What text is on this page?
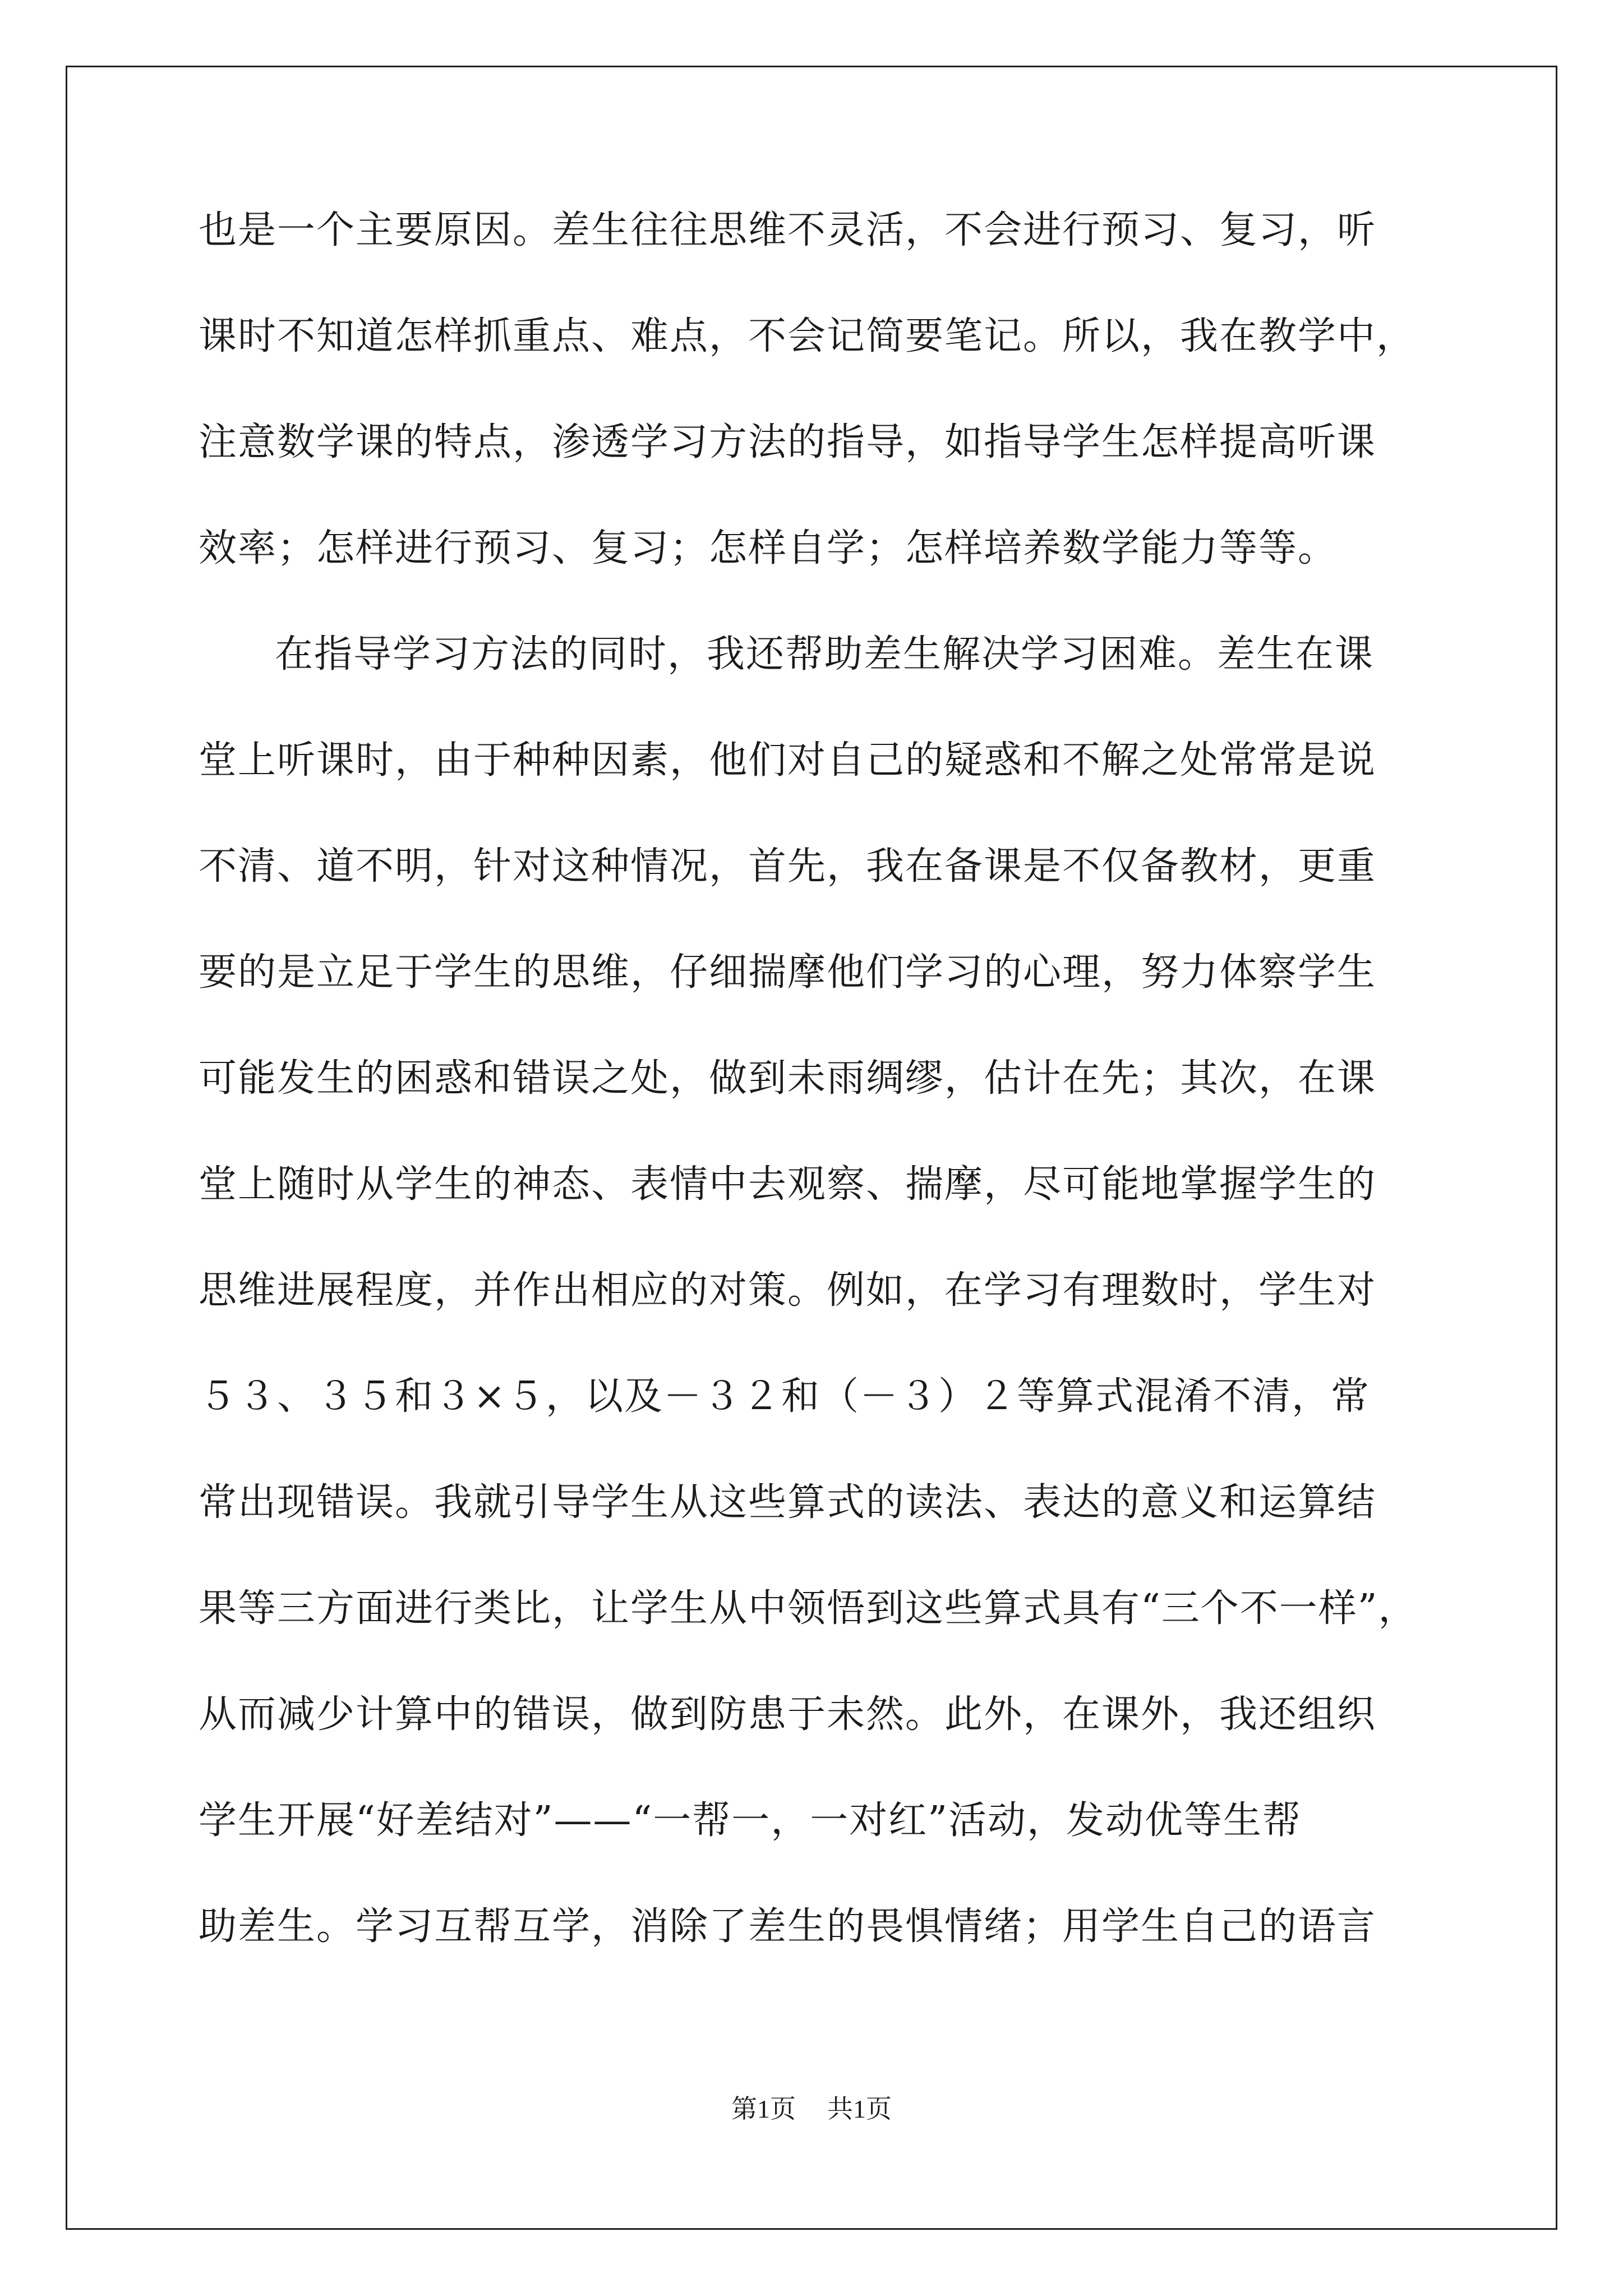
也是一个主要原因。差生往往思维不灵活，不会进行预习、复习，听
课时不知道怎样抓重点、难点，不会记简要笔记。所以，我在教学中，
注意数学课的特点，渗透学习方法的指导，如指导学生怎样提高听课
效率；怎样进行预习、复习；怎样自学；怎样培养数学能力等等。
在指导学习方法的同时，我还帮助差生解决学习困难。差生在课
堂上听课时，由于种种因素，他们对自己的疑惑和不解之处常常是说
不清、道不明，针对这种情况，首先，我在备课是不仅备教材，更重
要的是立足于学生的思维，仔细揣摩他们学习的心理，努力体察学生
可能发生的困惑和错误之处，做到未雨绸缪，估计在先；其次，在课
堂上随时从学生的神态、表情中去观察、揣摩，尽可能地掌握学生的
思维进展程度，并作出相应的对策。例如，在学习有理数时，学生对
５３、３５和３×５，以及－３２和（－３）２等算式混淆不清，常
常出现错误。我就引导学生从这些算式的读法、表达的意义和运算结
果等三方面进行类比，让学生从中领悟到这些算式具有“三个不一样”，
从而减少计算中的错误，做到防患于未然。此外，在课外，我还组织
学生开展“好差结对”——“一帮一，一对红”活动，发动优等生帮
助差生。学习互帮互学，消除了差生的畏惧情绪；用学生自己的语言
第1页 共1页
